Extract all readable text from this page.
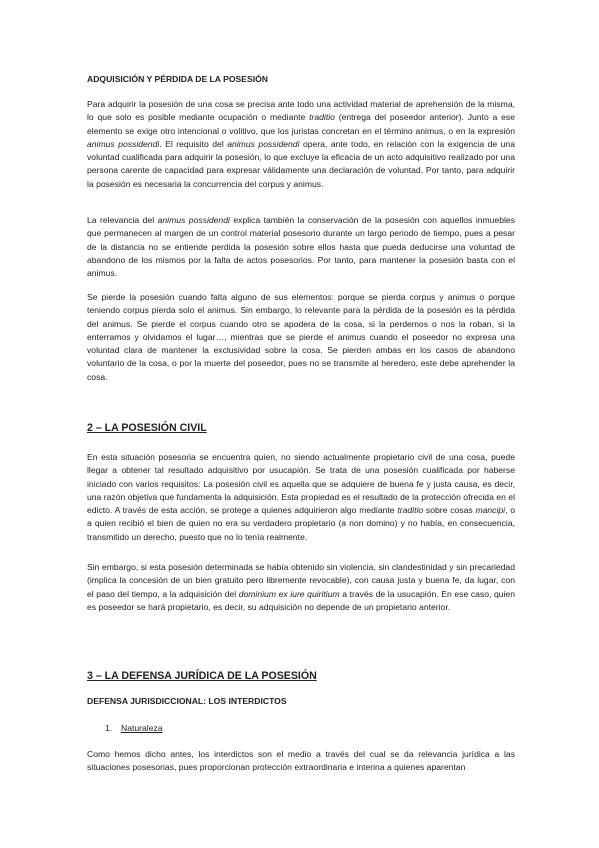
ADQUISICIÓN Y PÉRDIDA DE LA POSESIÓN

Para adquirir la posesión de una cosa se precisa ante todo una actividad material de aprehensión de la misma, lo que solo es posible mediante ocupación o mediante traditio (entrega del poseedor anterior). Junto a ese elemento se exige otro intencional o volitivo, que los juristas concretan en el término animus, o en la expresión animus possidendi. El requisito del animus possidendi opera, ante todo, en relación con la exigencia de una voluntad cualificada para adquirir la posesión, lo que excluye la eficacia de un acto adquisitivo realizado por una persona carente de capacidad para expresar válidamente una declaración de voluntad. Por tanto, para adquirir la posesión es necesaria la concurrencia del corpus y animus.

La relevancia del animus possidendi explica también la conservación de la posesión con aquellos inmuebles que permanecen al margen de un control material posesorio durante un largo periodo de tiempo, pues a pesar de la distancia no se entiende perdida la posesión sobre ellos hasta que pueda deducirse una voluntad de abandono de los mismos por la falta de actos posesorios. Por tanto, para mantener la posesión basta con el animus.

Se pierde la posesión cuando falta alguno de sus elementos: porque se pierda corpus y animus o porque teniendo corpus pierda solo el animus. Sin embargo, lo relevante para la pérdida de la posesión es la pérdida del animus. Se pierde el corpus cuando otro se apodera de la cosa, si la perdemos o nos la roban, si la enterramos y olvidamos el lugar…, mientras que se pierde el animus cuando el poseedor no expresa una voluntad clara de mantener la exclusividad sobre la cosa. Se pierden ambas en los casos de abandono voluntario de la cosa, o por la muerte del poseedor, pues no se transmite al heredero, este debe aprehender la cosa.

2 – LA POSESIÓN CIVIL

En esta situación posesoria se encuentra quien, no siendo actualmente propietario civil de una cosa, puede llegar a obtener tal resultado adquisitivo por usucapión. Se trata de una posesión cualificada por haberse iniciado con varios requisitos: La posesión civil es aquella que se adquiere de buena fe y justa causa, es decir, una razón objetiva que fundamenta la adquisición. Esta propiedad es el resultado de la protección ofrecida en el edicto. A través de esta acción, se protege a quienes adquirieron algo mediante traditio sobre cosas mancipi, o a quien recibió el bien de quien no era su verdadero propietario (a non domino) y no había, en consecuencia, transmitido un derecho, puesto que no lo tenía realmente.

Sin embargo, si esta posesión determinada se había obtenido sin violencia, sin clandestinidad y sin precariedad (implica la concesión de un bien gratuito pero libremente revocable), con causa justa y buena fe, da lugar, con el paso del tiempo, a la adquisición del dominium ex iure quiritium a través de la usucapión. En ese caso, quien es poseedor se hará propietario, es decir, su adquisición no depende de un propietario anterior.

3 – LA DEFENSA JURÍDICA DE LA POSESIÓN
DEFENSA JURISDICCIONAL: LOS INTERDICTOS
1. Naturaleza

Como hemos dicho antes, los interdictos son el medio a través del cual se da relevancia jurídica a las situaciones posesorias, pues proporcionan protección extraordinaria e interina a quienes aparentan
